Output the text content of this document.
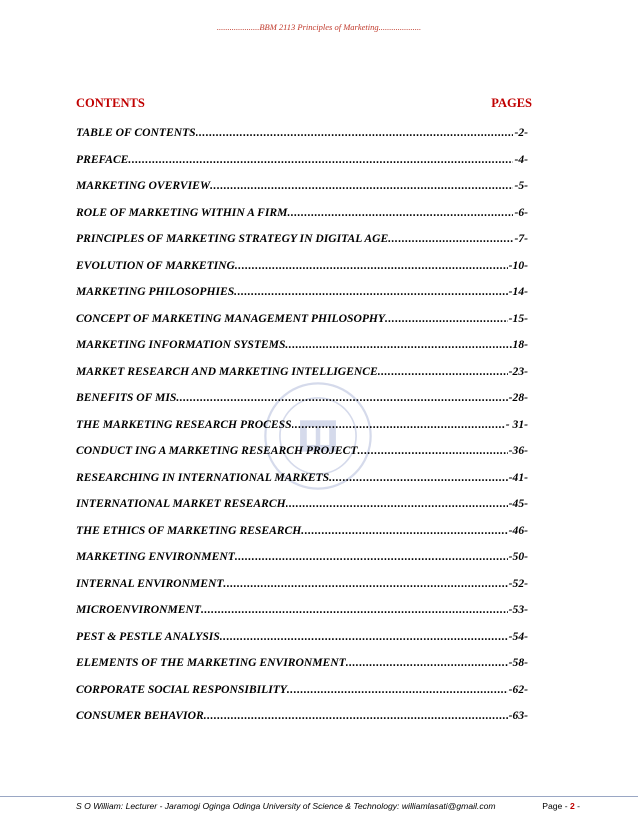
....................BBM 2113 Principles of Marketing....................
CONTENTS	PAGES
TABLE OF CONTENTS .....	-2-
PREFACE .....	-4-
MARKETING OVERVIEW .....	-5-
ROLE OF MARKETING WITHIN A FIRM .....	-6-
PRINCIPLES OF MARKETING STRATEGY IN DIGITAL AGE .....	-7-
EVOLUTION OF MARKETING .....	-10-
MARKETING PHILOSOPHIES .....	-14-
CONCEPT OF MARKETING MANAGEMENT PHILOSOPHY .....	-15-
MARKETING INFORMATION SYSTEMS .....	18-
MARKET RESEARCH AND MARKETING INTELLIGENCE .....	-23-
BENEFITS OF MIS .....	-28-
THE MARKETING RESEARCH PROCESS .....	- 31-
CONDUCT ING A MARKETING RESEARCH PROJECT .....	-36-
RESEARCHING IN INTERNATIONAL MARKETS .....	-41-
INTERNATIONAL MARKET RESEARCH .....	-45-
THE ETHICS OF MARKETING RESEARCH .....	-46-
MARKETING ENVIRONMENT .....	-50-
INTERNAL ENVIRONMENT .....	-52-
MICROENVIRONMENT .....	-53-
PEST & PESTLE ANALYSIS .....	-54-
ELEMENTS OF THE MARKETING ENVIRONMENT .....	-58-
CORPORATE SOCIAL RESPONSIBILITY .....	-62-
CONSUMER BEHAVIOR .....	-63-
S O William: Lecturer - Jaramogi Oginga Odinga University of Science & Technology: williamlasati@gmail.com	Page - 2 -
